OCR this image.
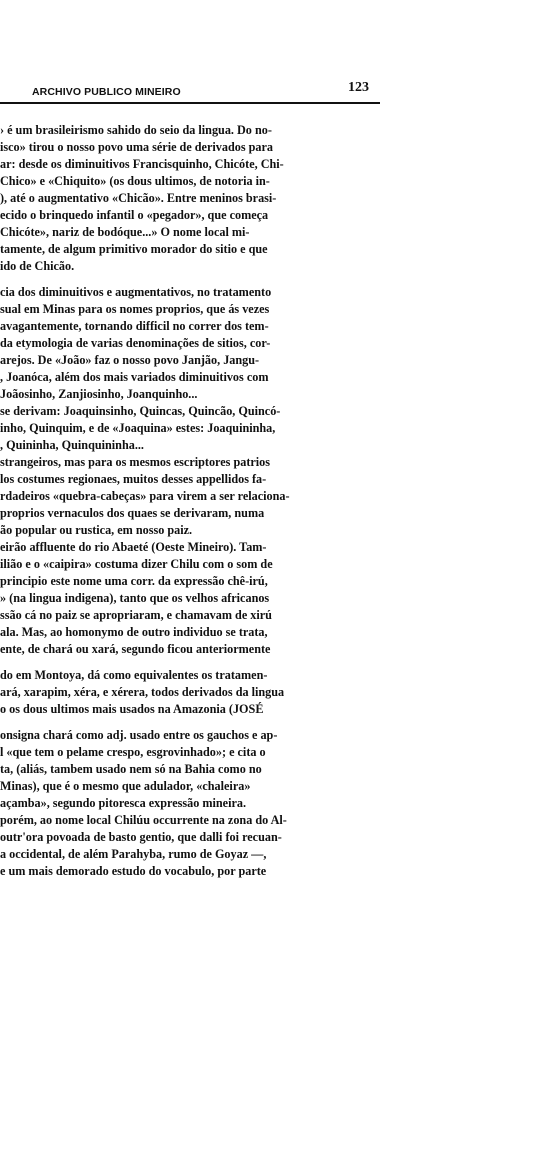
ARCHIVO PUBLICO MINEIRO	123
› é um brasileirismo sahido do seio da lingua. Do no-
isco» tirou o nosso povo uma série de derivados para
ar: desde os diminuitivos Francisquinho, Chicóte, Chi-
Chico» e «Chiquito» (os dous ultimos, de notoria in-
), até o augmentativo «Chicão». Entre meninos brasi-
ecido o brinquedo infantil o «pegador», que começa
Chicóte», nariz de bodóque...» O nome local mi-
tamente, de algum primitivo morador do sitio e que
ido de Chicão.
cia dos diminuitivos e augmentativos, no tratamento
sual em Minas para os nomes proprios, que ás vezes
avagantemente, tornando difficil no correr dos tem-
da etymologia de varias denominações de sitios, cor-
arejos. De «João» faz o nosso povo Janjão, Jangu-
, Joanóca, além dos mais variados diminuitivos com
Joãosinho, Zanjiosinho, Joanquinho...
se derivam: Joaquinsinho, Quincas, Quincão, Quincó-
inho, Quinquim, e de «Joaquina» estes: Joaquininha,
, Quininha, Quinquininha...
strangeiros, mas para os mesmos escriptores patrios
los costumes regionaes, muitos desses appellidos fa-
rdadeiros «quebra-cabeças» para virem a ser relaciona-
proprios vernaculos dos quaes se derivaram, numa
ão popular ou rustica, em nosso paiz.
eirão affluente do rio Abaeté (Oeste Mineiro). Tam-
ilião e o «caipira» costuma dizer Chilu com o som de
principio este nome uma corr. da expressão chê-irú,
» (na lingua indigena), tanto que os velhos africanos
ssão cá no paiz se apropriaram, e chamavam de xirú
ala. Mas, ao homonymo de outro individuo se trata,
ente, de chará ou xará, segundo ficou anteriormente
do em Montoya, dá como equivalentes os tratamen-
ará, xarapim, xéra, e xérera, todos derivados da lingua
o os dous ultimos mais usados na Amazonia (JOSÉ
onsigna chará como adj. usado entre os gauchos e ap-
l «que tem o pelame crespo, esgrovinhado»; e cita o
ta, (aliás, tambem usado nem só na Bahia como no
Minas), que é o mesmo que adulador, «chaleira»
açamba», segundo pitoresca expressão mineira.
porém, ao nome local Chilúu occurrente na zona do Al-
outr'ora povoada de basto gentio, que dalli foi recuan-
a occidental, de além Parahyba, rumo de Goyaz —,
e um mais demorado estudo do vocabulo, por parte
